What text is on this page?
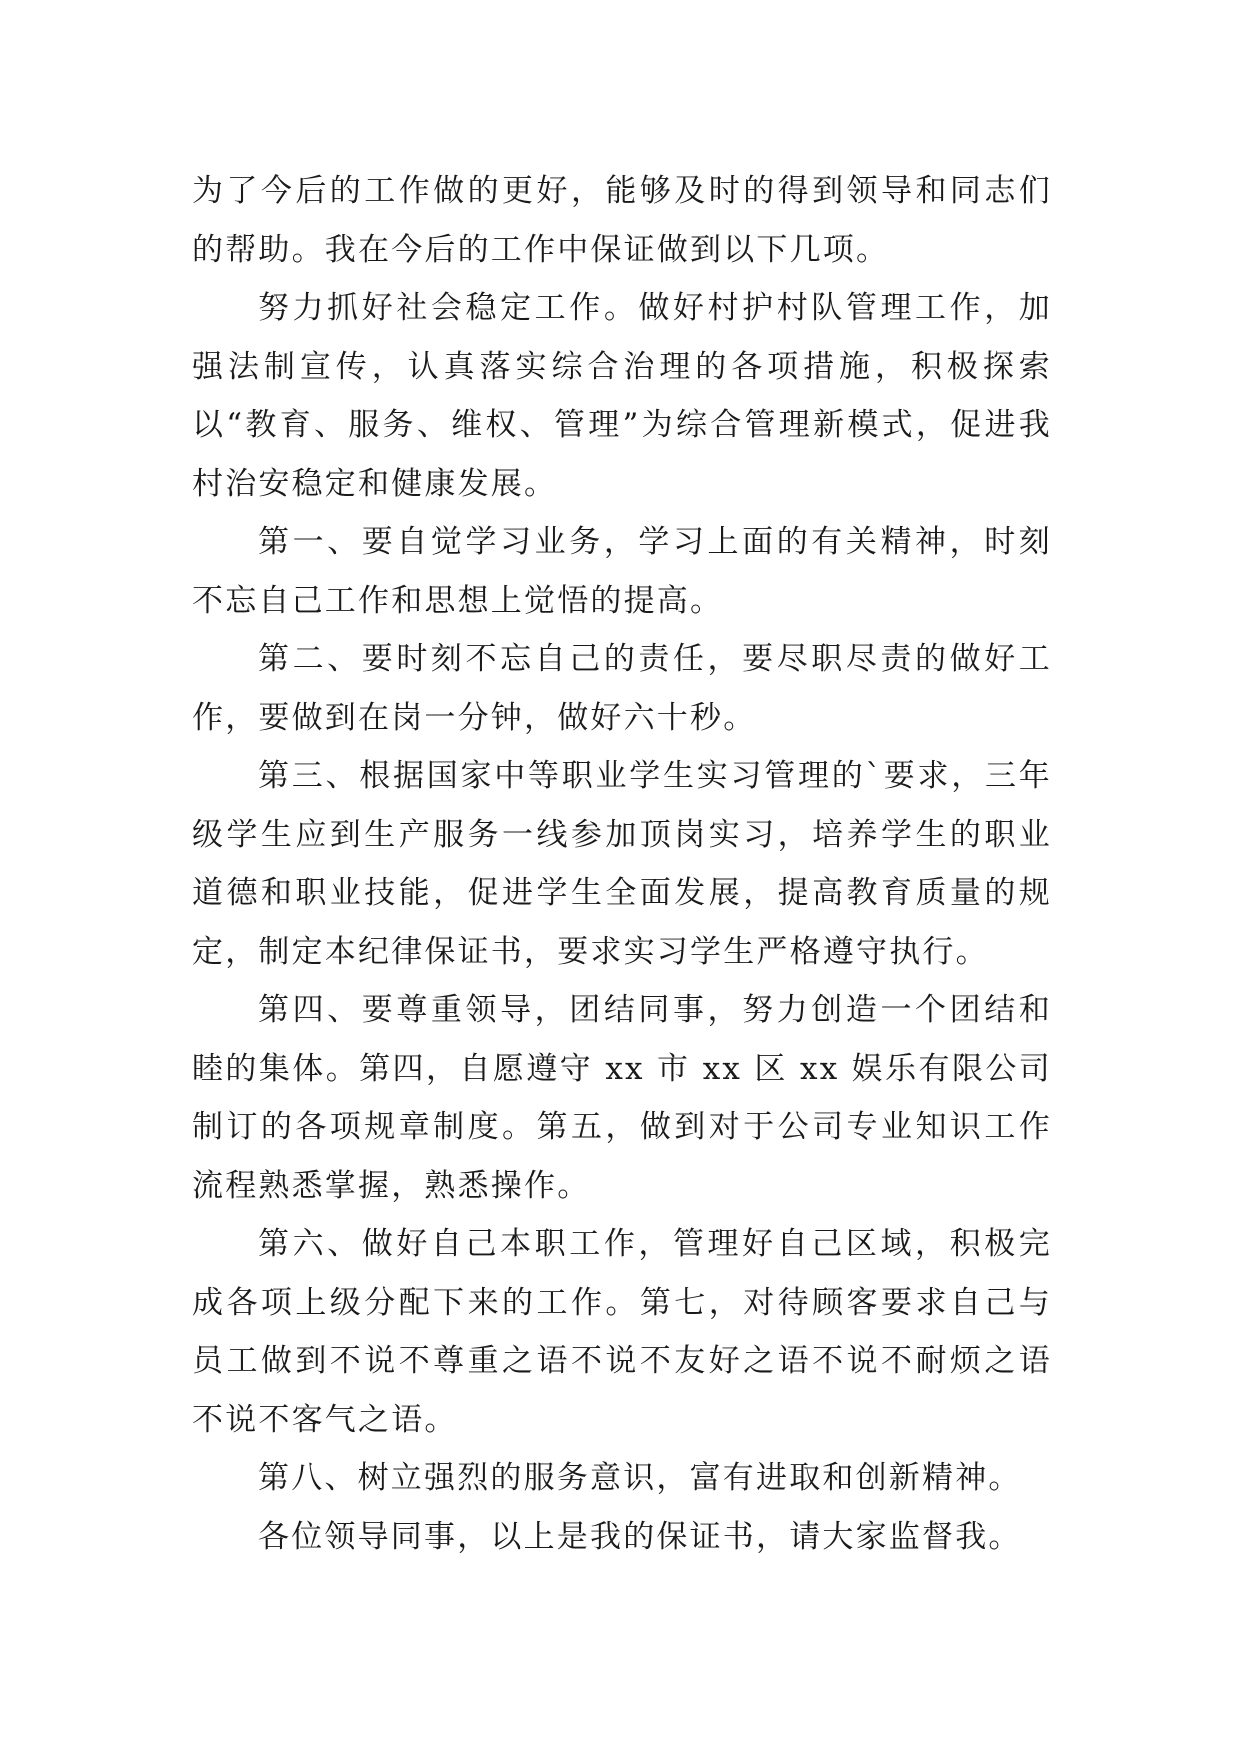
为了今后的工作做的更好，能够及时的得到领导和同志们的帮助。我在今后的工作中保证做到以下几项。

努力抓好社会稳定工作。做好村护村队管理工作，加强法制宣传，认真落实综合治理的各项措施，积极探索以“教育、服务、维权、管理”为综合管理新模式，促进我村治安稳定和健康发展。

第一、要自觉学习业务，学习上面的有关精神，时刻不忘自己工作和思想上觉悟的提高。

第二、要时刻不忘自己的责任，要尽职尽责的做好工作，要做到在岗一分钟，做好六十秒。

第三、根据国家中等职业学生实习管理的`要求，三年级学生应到生产服务一线参加顶岗实习，培养学生的职业道德和职业技能，促进学生全面发展，提高教育质量的规定，制定本纪律保证书，要求实习学生严格遵守执行。

第四、要尊重领导，团结同事，努力创造一个团结和睦的集体。第四，自愿遵守 xx 市 xx 区 xx 娱乐有限公司制订的各项规章制度。第五，做到对于公司专业知识工作流程熟悉掌握，熟悉操作。

第六、做好自己本职工作，管理好自己区域，积极完成各项上级分配下来的工作。第七，对待顾客要求自己与员工做到不说不尊重之语不说不友好之语不说不耐烦之语不说不客气之语。

第八、树立强烈的服务意识，富有进取和创新精神。

各位领导同事，以上是我的保证书，请大家监督我。
